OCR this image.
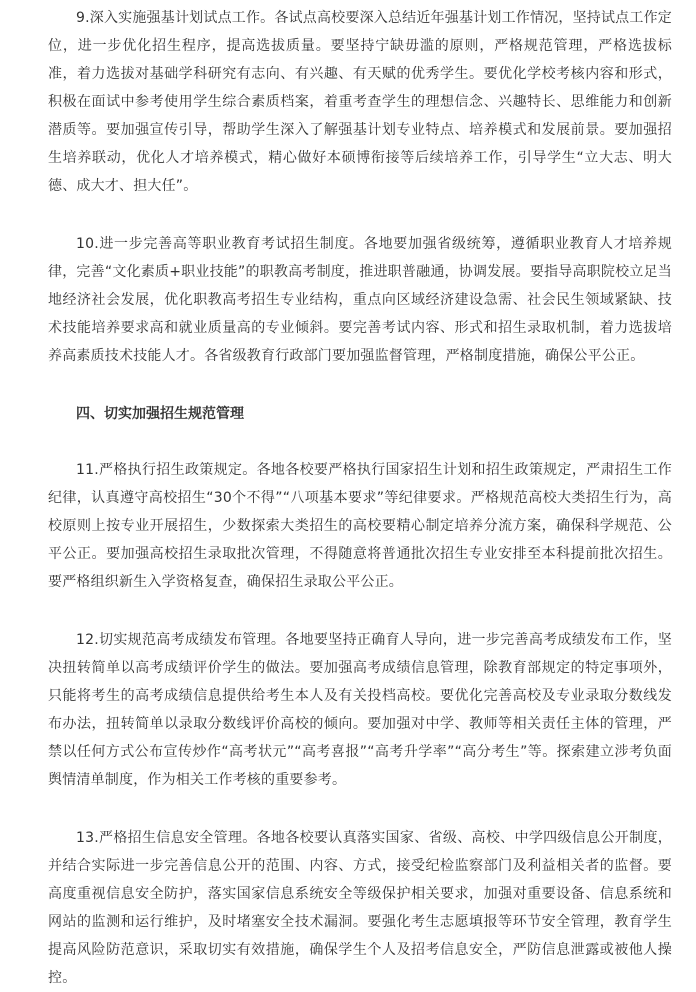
9.深入实施强基计划试点工作。各试点高校要深入总结近年强基计划工作情况，坚持试点工作定位，进一步优化招生程序，提高选拔质量。要坚持宁缺毋滥的原则，严格规范管理，严格选拔标准，着力选拔对基础学科研究有志向、有兴趣、有天赋的优秀学生。要优化学校考核内容和形式，积极在面试中参考使用学生综合素质档案，着重考查学生的理想信念、兴趣特长、思维能力和创新潜质等。要加强宣传引导，帮助学生深入了解强基计划专业特点、培养模式和发展前景。要加强招生培养联动，优化人才培养模式，精心做好本硕博衔接等后续培养工作，引导学生“立大志、明大德、成大才、担大任”。

10.进一步完善高等职业教育考试招生制度。各地要加强省级统筹，遵循职业教育人才培养规律，完善“文化素质+职业技能”的职教高考制度，推进职普融通，协调发展。要指导高职院校立足当地经济社会发展，优化职教高考招生专业结构，重点向区域经济建设急需、社会民生领域紧缺、技术技能培养要求高和就业质量高的专业倾斜。要完善考试内容、形式和招生录取机制，着力选拔培养高素质技术技能人才。各省级教育行政部门要加强监督管理，严格制度措施，确保公平公正。

四、切实加强招生规范管理

11.严格执行招生政策规定。各地各校要严格执行国家招生计划和招生政策规定，严肃招生工作纪律，认真遵守高校招生“30个不得”“八项基本要求”等纪律要求。严格规范高校大类招生行为，高校原则上按专业开展招生，少数探索大类招生的高校要精心制定培养分流方案，确保科学规范、公平公正。要加强高校招生录取批次管理，不得随意将普通批次招生专业安排至本科提前批次招生。要严格组织新生入学资格复查，确保招生录取公平公正。

12.切实规范高考成绩发布管理。各地要坚持正确育人导向，进一步完善高考成绩发布工作，坚决扭转简单以高考成绩评价学生的做法。要加强高考成绩信息管理，除教育部规定的特定事项外，只能将考生的高考成绩信息提供给考生本人及有关投档高校。要优化完善高校及专业录取分数线发布办法，扭转简单以录取分数线评价高校的倾向。要加强对中学、教师等相关责任主体的管理，严禁以任何方式公布宣传炒作“高考状元”“高考喜报”“高考升学率”“高分考生”等。探索建立涉考负面舆情清单制度，作为相关工作考核的重要参考。

13.严格招生信息安全管理。各地各校要认真落实国家、省级、高校、中学四级信息公开制度，并结合实际进一步完善信息公开的范围、内容、方式，接受纪检监察部门及利益相关者的监督。要高度重视信息安全防护，落实国家信息系统安全等级保护相关要求，加强对重要设备、信息系统和网站的监测和运行维护，及时堵塞安全技术漏洞。要强化考生志愿填报等环节安全管理，教育学生提高风险防范意识，采取切实有效措施，确保学生个人及招考信息安全，严防信息泄露或被他人操控。
